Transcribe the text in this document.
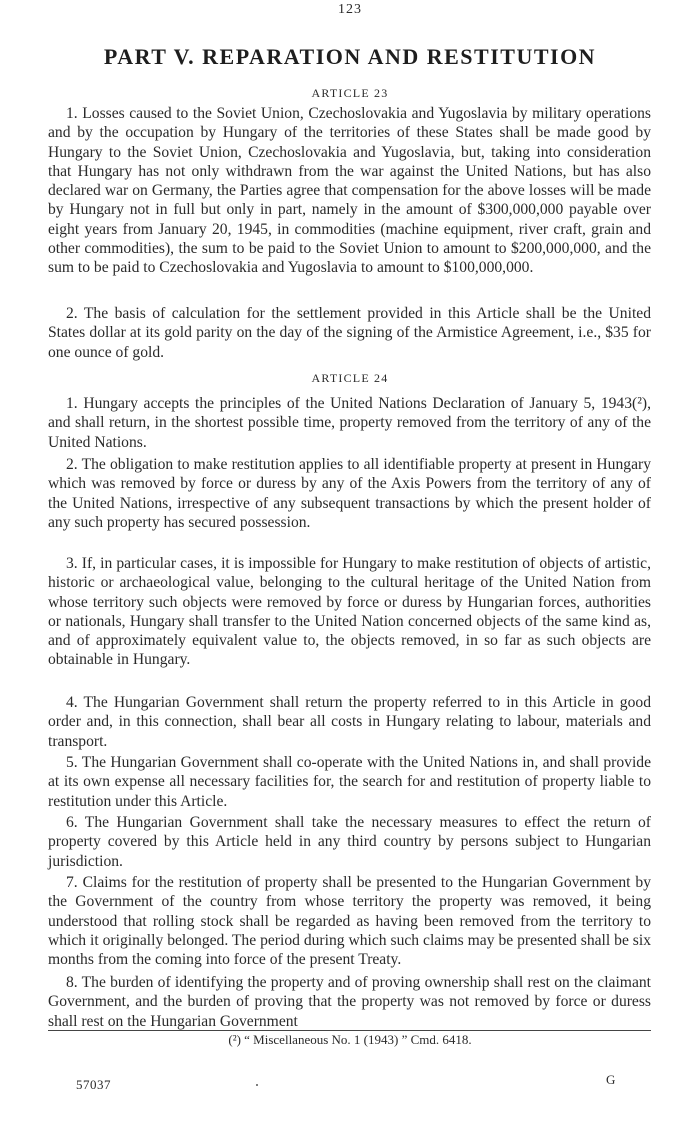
123
PART V. REPARATION AND RESTITUTION
ARTICLE 23

1. Losses caused to the Soviet Union, Czechoslovakia and Yugoslavia by military operations and by the occupation by Hungary of the territories of these States shall be made good by Hungary to the Soviet Union, Czechoslovakia and Yugoslavia, but, taking into consideration that Hungary has not only withdrawn from the war against the United Nations, but has also declared war on Germany, the Parties agree that compensation for the above losses will be made by Hungary not in full but only in part, namely in the amount of $300,000,000 payable over eight years from January 20, 1945, in commodities (machine equipment, river craft, grain and other commodities), the sum to be paid to the Soviet Union to amount to $200,000,000, and the sum to be paid to Czechoslovakia and Yugoslavia to amount to $100,000,000.

2. The basis of calculation for the settlement provided in this Article shall be the United States dollar at its gold parity on the day of the signing of the Armistice Agreement, i.e., $35 for one ounce of gold.

ARTICLE 24

1. Hungary accepts the principles of the United Nations Declaration of January 5, 1943(²), and shall return, in the shortest possible time, property removed from the territory of any of the United Nations.

2. The obligation to make restitution applies to all identifiable property at present in Hungary which was removed by force or duress by any of the Axis Powers from the territory of any of the United Nations, irrespective of any subsequent transactions by which the present holder of any such property has secured possession.

3. If, in particular cases, it is impossible for Hungary to make restitution of objects of artistic, historic or archaeological value, belonging to the cultural heritage of the United Nation from whose territory such objects were removed by force or duress by Hungarian forces, authorities or nationals, Hungary shall transfer to the United Nation concerned objects of the same kind as, and of approximately equivalent value to, the objects removed, in so far as such objects are obtainable in Hungary.

4. The Hungarian Government shall return the property referred to in this Article in good order and, in this connection, shall bear all costs in Hungary relating to labour, materials and transport.

5. The Hungarian Government shall co-operate with the United Nations in, and shall provide at its own expense all necessary facilities for, the search for and restitution of property liable to restitution under this Article.

6. The Hungarian Government shall take the necessary measures to effect the return of property covered by this Article held in any third country by persons subject to Hungarian jurisdiction.

7. Claims for the restitution of property shall be presented to the Hungarian Government by the Government of the country from whose territory the property was removed, it being understood that rolling stock shall be regarded as having been removed from the territory to which it originally belonged. The period during which such claims may be presented shall be six months from the coming into force of the present Treaty.

8. The burden of identifying the property and of proving ownership shall rest on the claimant Government, and the burden of proving that the property was not removed by force or duress shall rest on the Hungarian Government

(²) “ Miscellaneous No. 1 (1943) ” Cmd. 6418.
57037	G
